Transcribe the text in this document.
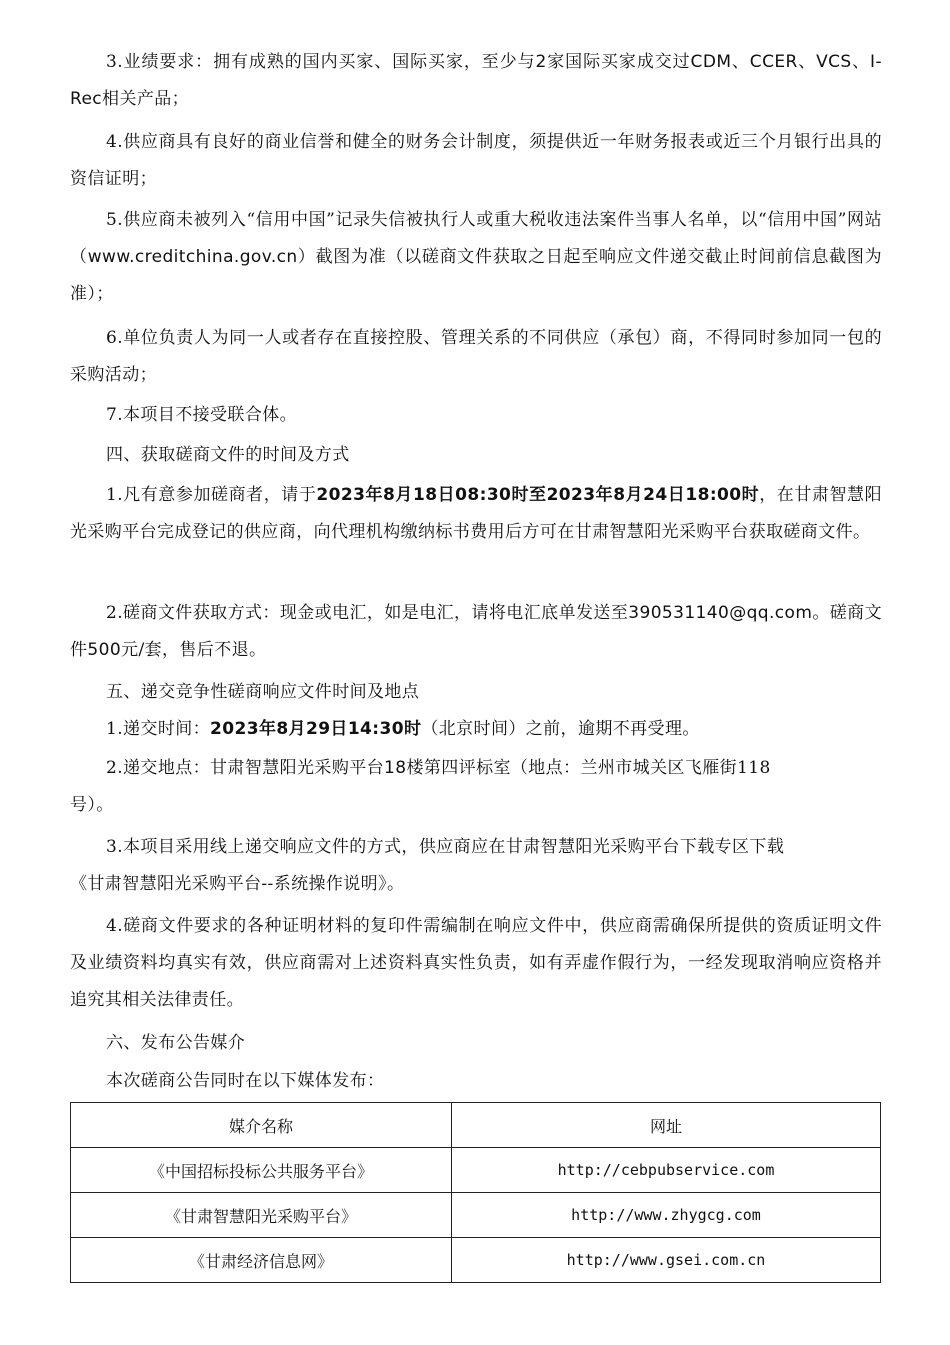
3.业绩要求：拥有成熟的国内买家、国际买家，至少与2家国际买家成交过CDM、CCER、VCS、I-Rec相关产品；

4.供应商具有良好的商业信誉和健全的财务会计制度，须提供近一年财务报表或近三个月银行出具的资信证明；

5.供应商未被列入“信用中国”记录失信被执行人或重大税收违法案件当事人名单，以“信用中国”网站（www.creditchina.gov.cn）截图为准（以磋商文件获取之日起至响应文件递交截止时间前信息截图为准）；

6.单位负责人为同一人或者存在直接控股、管理关系的不同供应（承包）商，不得同时参加同一包的采购活动；

7.本项目不接受联合体。

四、获取磋商文件的时间及方式

1.凡有意参加磋商者，请于2023年8月18日08:30时至2023年8月24日18:00时，在甘肃智慧阳光采购平台完成登记的供应商，向代理机构缴纳标书费用后方可在甘肃智慧阳光采购平台获取磋商文件。

2.磋商文件获取方式：现金或电汇，如是电汇，请将电汇底单发送至390531140@qq.com。磋商文件500元/套，售后不退。

五、递交竞争性磋商响应文件时间及地点

1.递交时间：2023年8月29日14:30时（北京时间）之前，逾期不再受理。

2.递交地点：甘肃智慧阳光采购平台18楼第四评标室（地点：兰州市城关区飞雁街118
号）。

3.本项目采用线上递交响应文件的方式，供应商应在甘肃智慧阳光采购平台下载专区下载
《甘肃智慧阳光采购平台--系统操作说明》。

4.磋商文件要求的各种证明材料的复印件需编制在响应文件中，供应商需确保所提供的资质证明文件及业绩资料均真实有效，供应商需对上述资料真实性负责，如有弄虚作假行为，一经发现取消响应资格并追究其相关法律责任。

六、发布公告媒介

本次磋商公告同时在以下媒体发布：

媒介名称	网址
《中国招标投标公共服务平台》	http://cebpubservice.com
《甘肃智慧阳光采购平台》	http://www.zhygcg.com
《甘肃经济信息网》	http://www.gsei.com.cn
